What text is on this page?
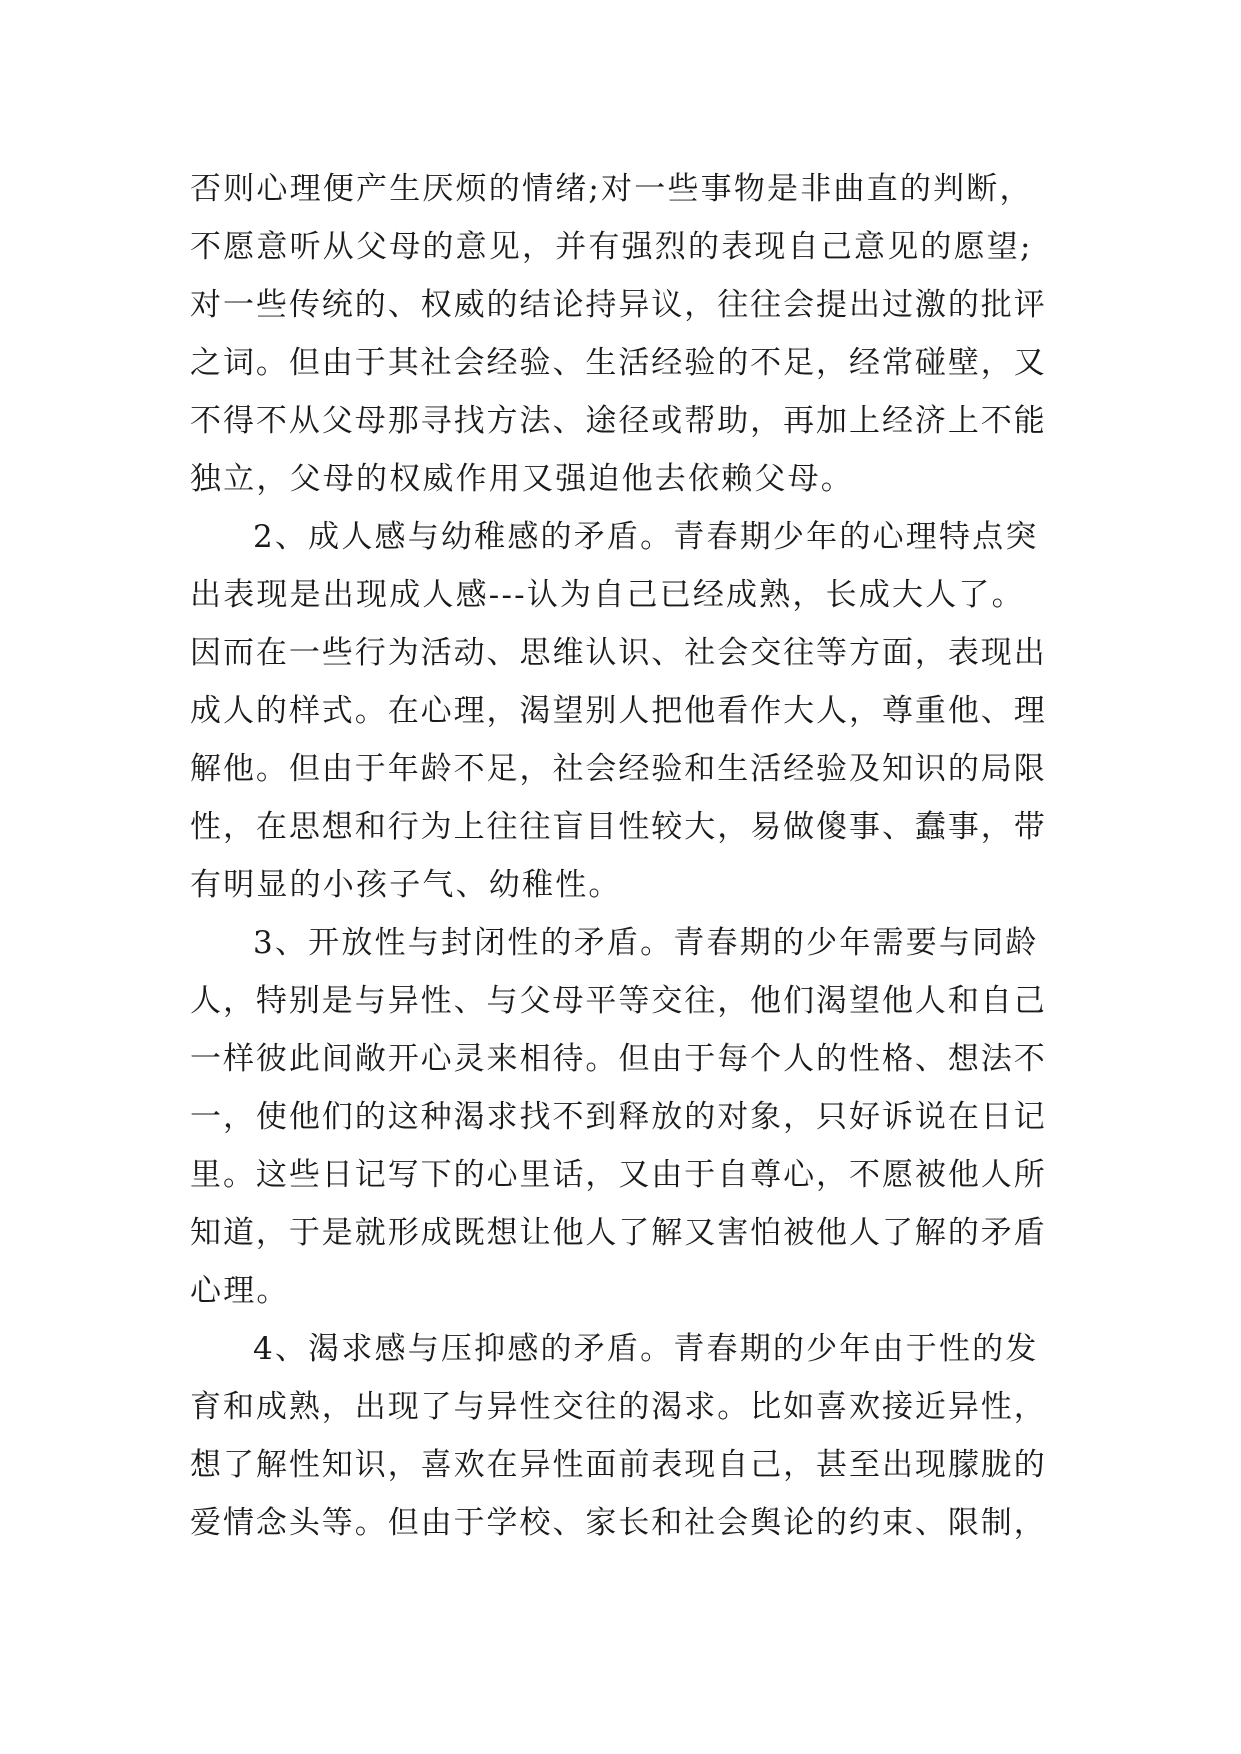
否则心理便产生厌烦的情绪;对一些事物是非曲直的判断，
不愿意听从父母的意见，并有强烈的表现自己意见的愿望;
对一些传统的、权威的结论持异议，往往会提出过激的批评
之词。但由于其社会经验、生活经验的不足，经常碰壁，又
不得不从父母那寻找方法、途径或帮助，再加上经济上不能
独立，父母的权威作用又强迫他去依赖父母。
2、成人感与幼稚感的矛盾。青春期少年的心理特点突
出表现是出现成人感---认为自己已经成熟，长成大人了。
因而在一些行为活动、思维认识、社会交往等方面，表现出
成人的样式。在心理，渴望别人把他看作大人，尊重他、理
解他。但由于年龄不足，社会经验和生活经验及知识的局限
性，在思想和行为上往往盲目性较大，易做傻事、蠢事，带
有明显的小孩子气、幼稚性。
3、开放性与封闭性的矛盾。青春期的少年需要与同龄
人，特别是与异性、与父母平等交往，他们渴望他人和自己
一样彼此间敞开心灵来相待。但由于每个人的性格、想法不
一，使他们的这种渴求找不到释放的对象，只好诉说在日记
里。这些日记写下的心里话，又由于自尊心，不愿被他人所
知道，于是就形成既想让他人了解又害怕被他人了解的矛盾
心理。
4、渴求感与压抑感的矛盾。青春期的少年由于性的发
育和成熟，出现了与异性交往的渴求。比如喜欢接近异性，
想了解性知识，喜欢在异性面前表现自己，甚至出现朦胧的
爱情念头等。但由于学校、家长和社会舆论的约束、限制，
